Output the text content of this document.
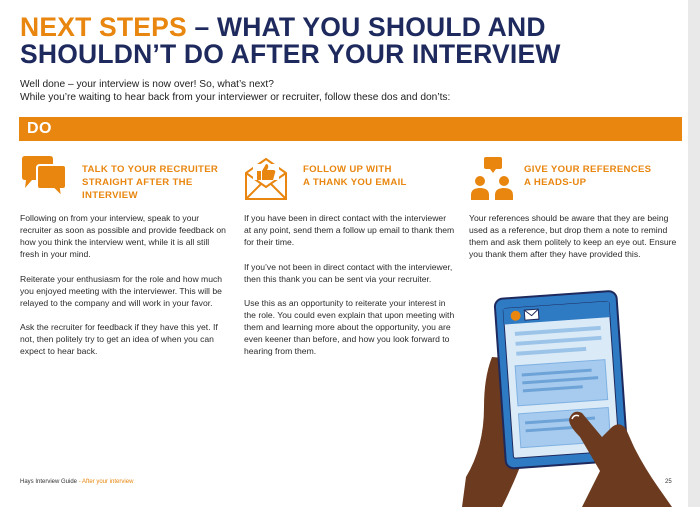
NEXT STEPS – WHAT YOU SHOULD AND SHOULDN’T DO AFTER YOUR INTERVIEW
Well done – your interview is now over! So, what’s next?
While you’re waiting to hear back from your interviewer or recruiter, follow these dos and don’ts:
DO
TALK TO YOUR RECRUITER
STRAIGHT AFTER THE
INTERVIEW
Following on from your interview, speak to your
recruiter as soon as possible and provide feedback on
how you think the interview went, while it is all still
fresh in your mind.
Reiterate your enthusiasm for the role and how much
you enjoyed meeting with the interviewer. This will be
relayed to the company and will work in your favor.
Ask the recruiter for feedback if they have this yet. If
not, then politely try to get an idea of when you can
expect to hear back.
FOLLOW UP WITH
A THANK YOU EMAIL
If you have been in direct contact with the interviewer
at any point, send them a follow up email to thank them
for their time.
If you’ve not been in direct contact with the interviewer,
then this thank you can be sent via your recruiter.
Use this as an opportunity to reiterate your interest in
the role. You could even explain that upon meeting with
them and learning more about the opportunity, you are
even keener than before, and how you look forward to
hearing from them.
GIVE YOUR REFERENCES
A HEADS-UP
Your references should be aware that they are being
used as a reference, but drop them a note to remind
them and ask them politely to keep an eye out. Ensure
you thank them after they have provided this.
Hays Interview Guide - After your interview	25
